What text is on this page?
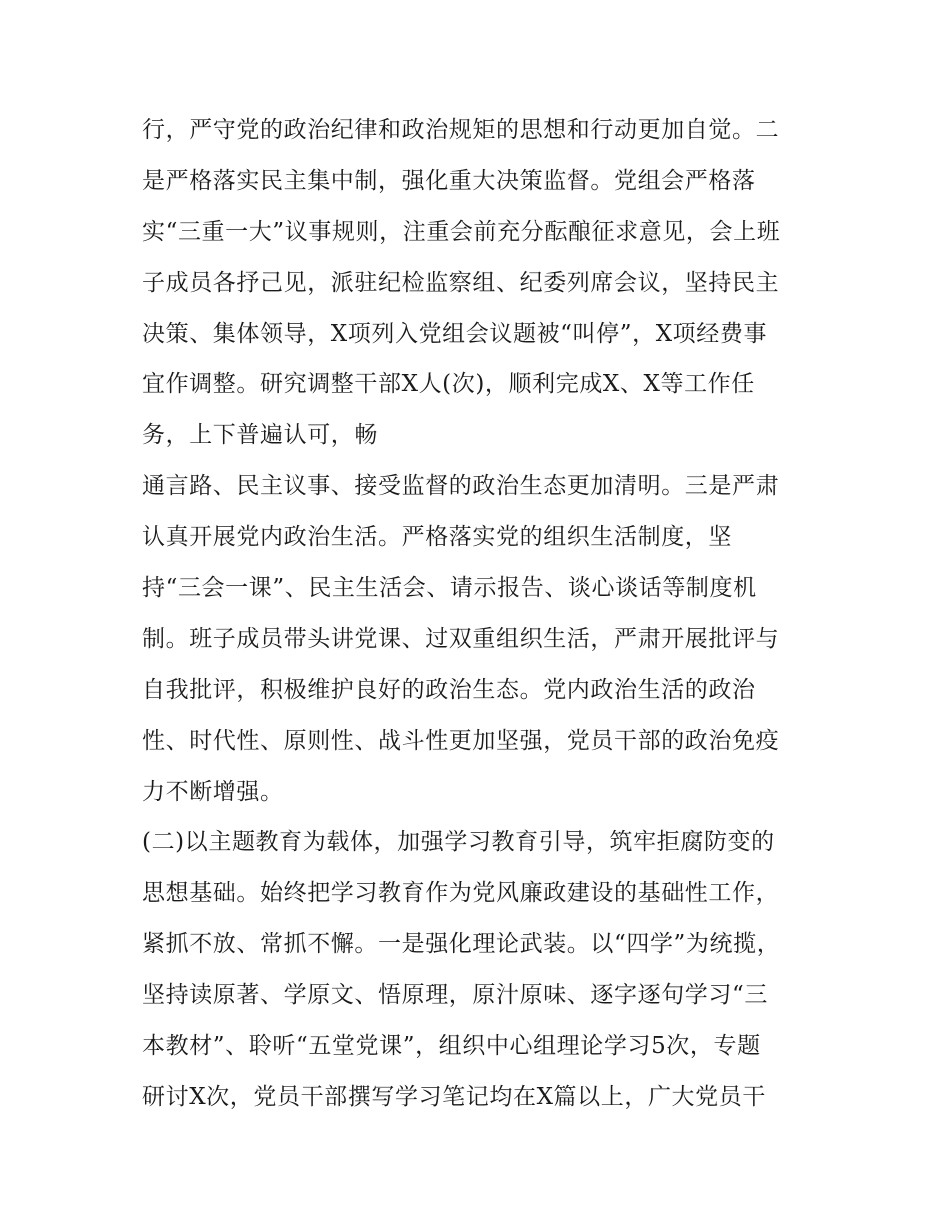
行，严守党的政治纪律和政治规矩的思想和行动更加自觉。二
是严格落实民主集中制，强化重大决策监督。党组会严格落
实“三重一大”议事规则，注重会前充分酝酿征求意见，会上班
子成员各抒己见，派驻纪检监察组、纪委列席会议，坚持民主
决策、集体领导，X项列入党组会议题被“叫停”，X项经费事
宜作调整。研究调整干部X人(次)，顺利完成X、X等工作任
务，上下普遍认可，畅
通言路、民主议事、接受监督的政治生态更加清明。三是严肃
认真开展党内政治生活。严格落实党的组织生活制度，坚
持“三会一课”、民主生活会、请示报告、谈心谈话等制度机
制。班子成员带头讲党课、过双重组织生活，严肃开展批评与
自我批评，积极维护良好的政治生态。党内政治生活的政治
性、时代性、原则性、战斗性更加坚强，党员干部的政治免疫
力不断增强。
(二)以主题教育为载体，加强学习教育引导，筑牢拒腐防变的
思想基础。始终把学习教育作为党风廉政建设的基础性工作，
紧抓不放、常抓不懈。一是强化理论武装。以“四学”为统揽，
坚持读原著、学原文、悟原理，原汁原味、逐字逐句学习“三
本教材”、聆听“五堂党课”，组织中心组理论学习5次，专题
研讨X次，党员干部撰写学习笔记均在X篇以上，广大党员干
